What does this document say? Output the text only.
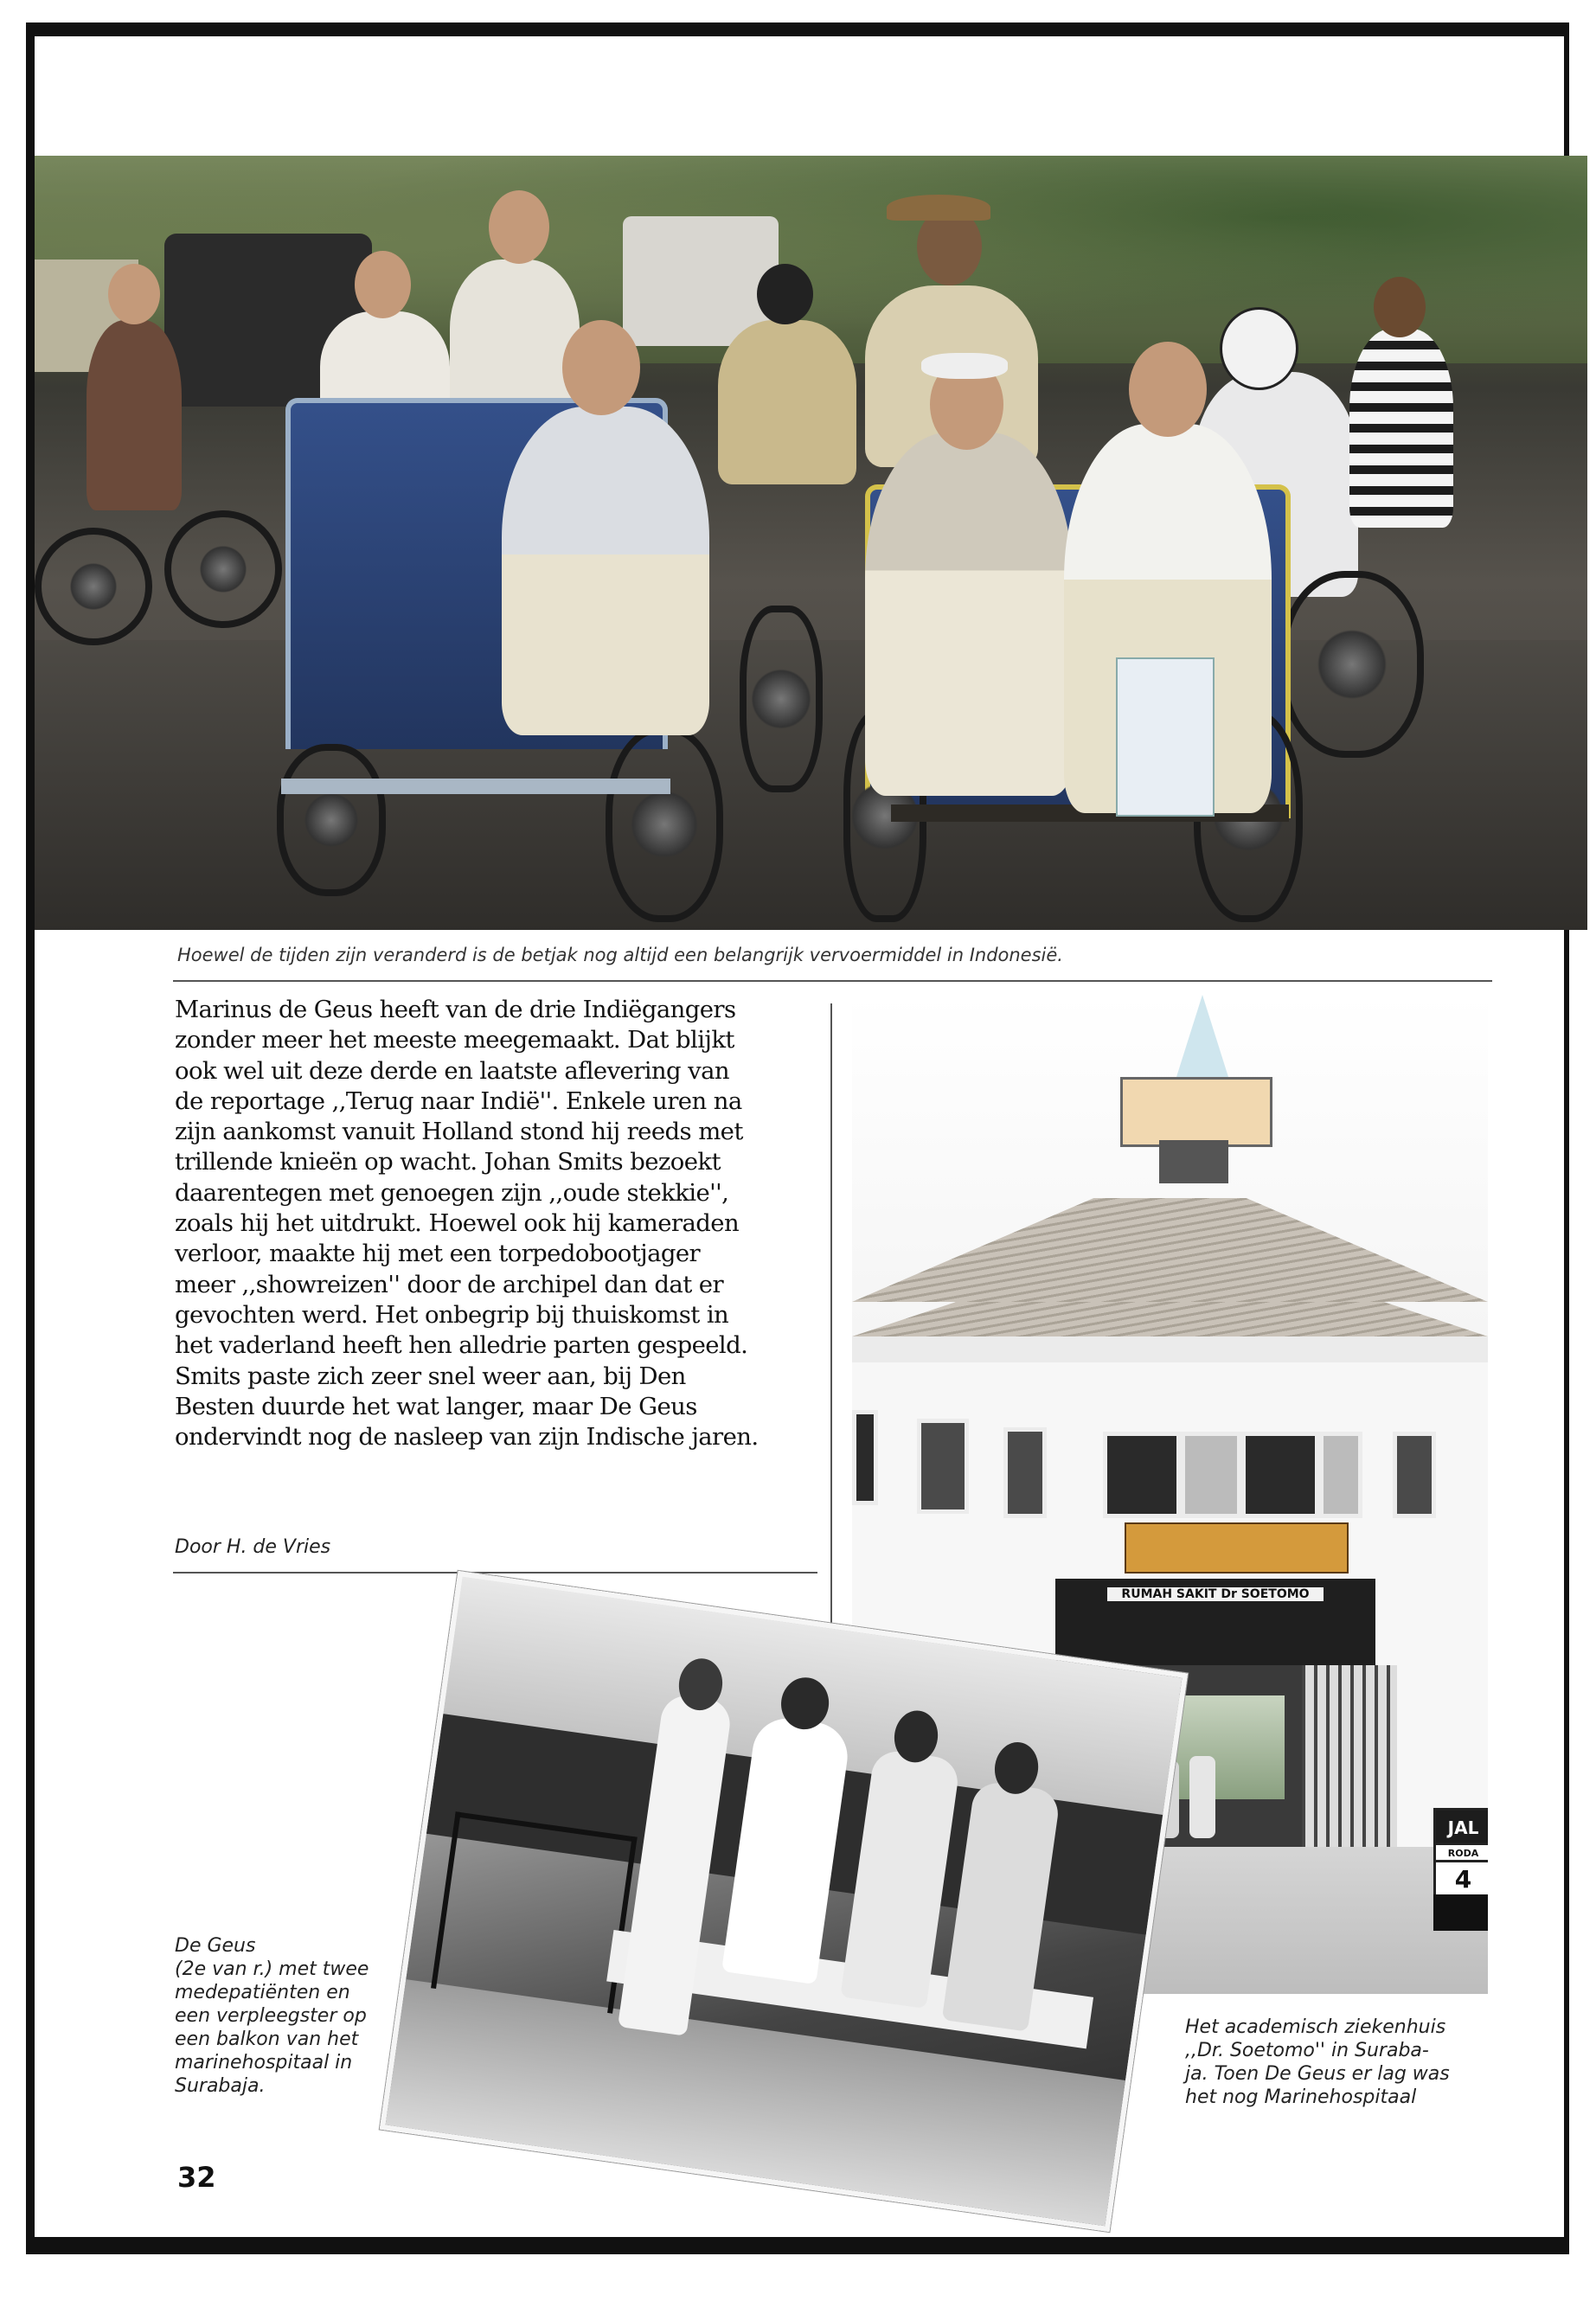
Hoewel de tijden zijn veranderd is de betjak nog altijd een belangrijk vervoermiddel in Indonesië.
Marinus de Geus heeft van de drie Indiëgangers
zonder meer het meeste meegemaakt. Dat blijkt
ook wel uit deze derde en laatste aflevering van
de reportage ,,Terug naar Indië''. Enkele uren na
zijn aankomst vanuit Holland stond hij reeds met
trillende knieën op wacht. Johan Smits bezoekt
daarentegen met genoegen zijn ,,oude stekkie'',
zoals hij het uitdrukt. Hoewel ook hij kameraden
verloor, maakte hij met een torpedobootjager
meer ,,showreizen'' door de archipel dan dat er
gevochten werd. Het onbegrip bij thuiskomst in
het vaderland heeft hen alledrie parten gespeeld.
Smits paste zich zeer snel weer aan, bij Den
Besten duurde het wat langer, maar De Geus
ondervindt nog de nasleep van zijn Indische jaren.
Door H. de Vries
RUMAH SAKIT Dr SOETOMO
JAL
RODA
4
De Geus
(2e van r.) met twee
medepatiënten en
een verpleegster op
een balkon van het
marinehospitaal in
Surabaja.
Het academisch ziekenhuis
,,Dr. Soetomo'' in Suraba-
ja. Toen De Geus er lag was
het nog Marinehospitaal
32
